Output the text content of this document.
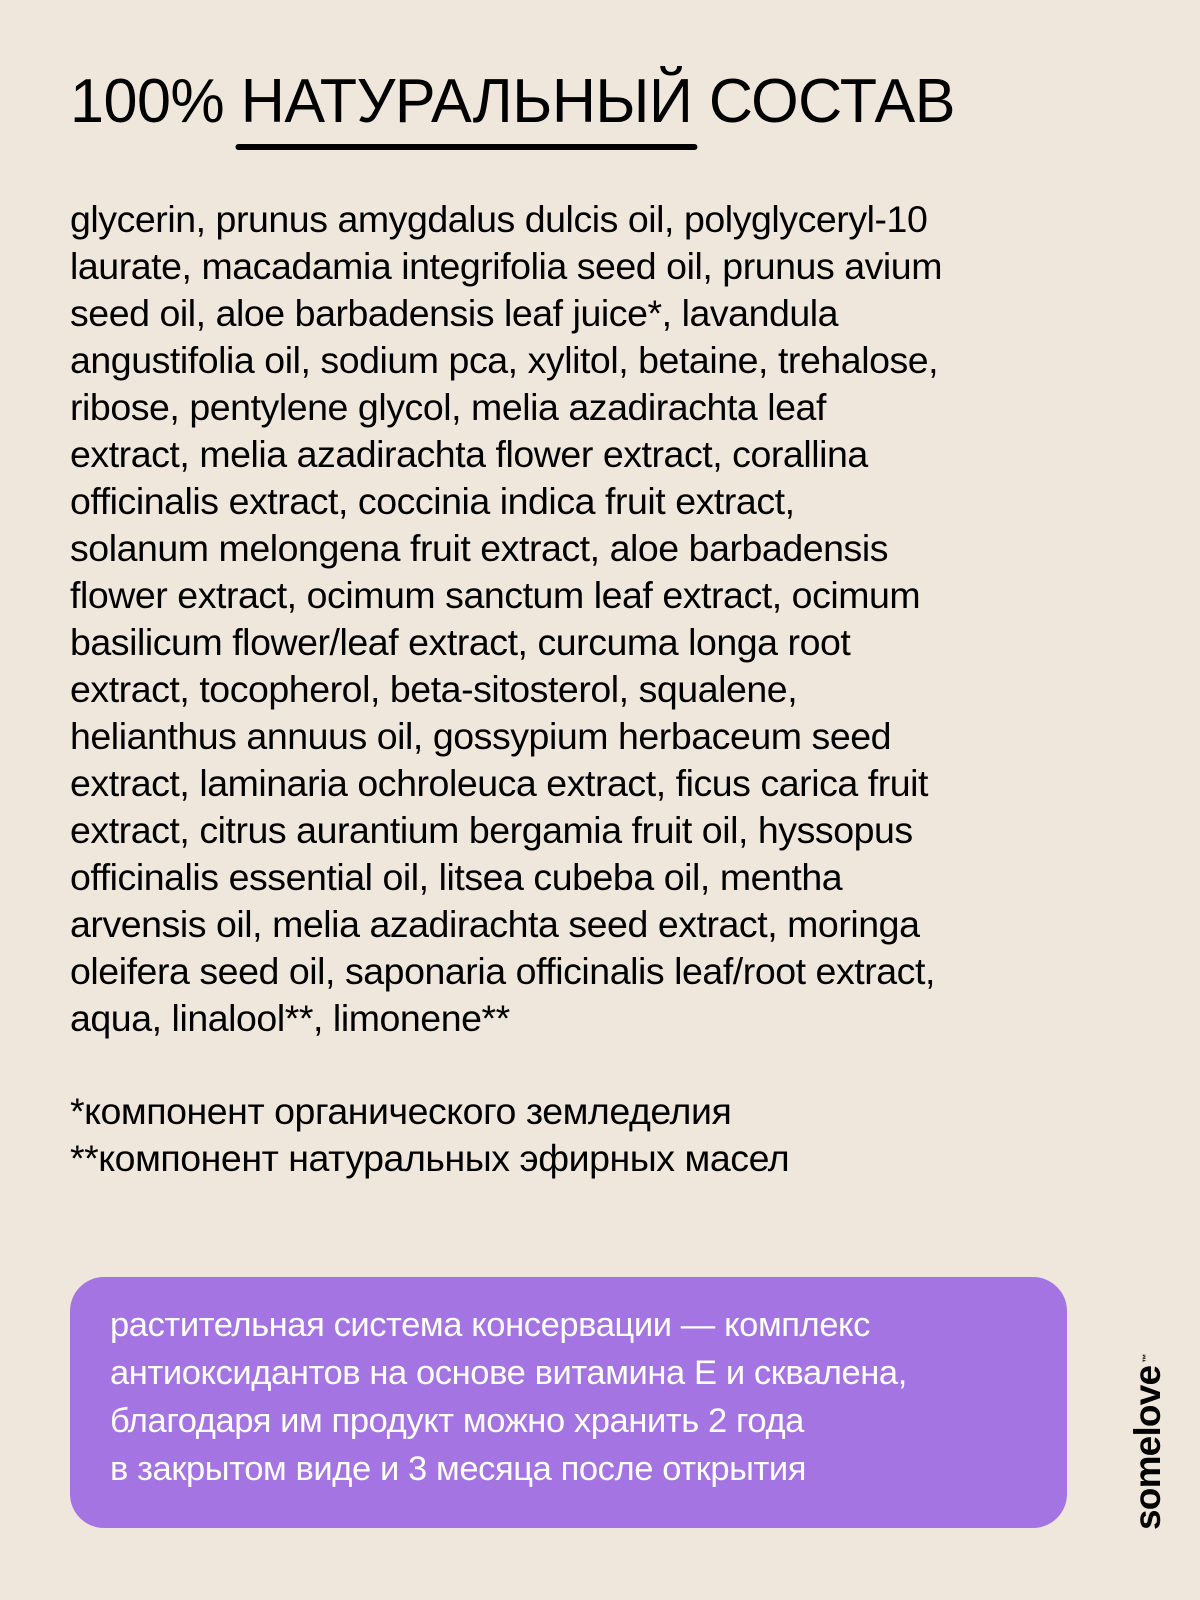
100% НАТУРАЛЬНЫЙ СОСТАВ
glycerin, prunus amygdalus dulcis oil, polyglyceryl-10
laurate, macadamia integrifolia seed oil, prunus avium
seed oil, aloe barbadensis leaf juice*, lavandula
angustifolia oil, sodium pca, xylitol, betaine, trehalose,
ribose, pentylene glycol, melia azadirachta leaf
extract, melia azadirachta flower extract, corallina
officinalis extract, coccinia indica fruit extract,
solanum melongena fruit extract, aloe barbadensis
flower extract, ocimum sanctum leaf extract, ocimum
basilicum flower/leaf extract, curcuma longa root
extract, tocopherol, beta-sitosterol, squalene,
helianthus annuus oil, gossypium herbaceum seed
extract, laminaria ochroleuca extract, ficus carica fruit
extract, citrus aurantium bergamia fruit oil, hyssopus
officinalis essential oil, litsea cubeba oil, mentha
arvensis oil, melia azadirachta seed extract, moringa
oleifera seed oil, saponaria officinalis leaf/root extract,
aqua, linalool**, limonene**
*компонент органического земледелия
**компонент натуральных эфирных масел
растительная система консервации — комплекс
антиоксидантов на основе витамина Е и сквалена,
благодаря им продукт можно хранить 2 года
в закрытом виде и 3 месяца после открытия	somelove™
